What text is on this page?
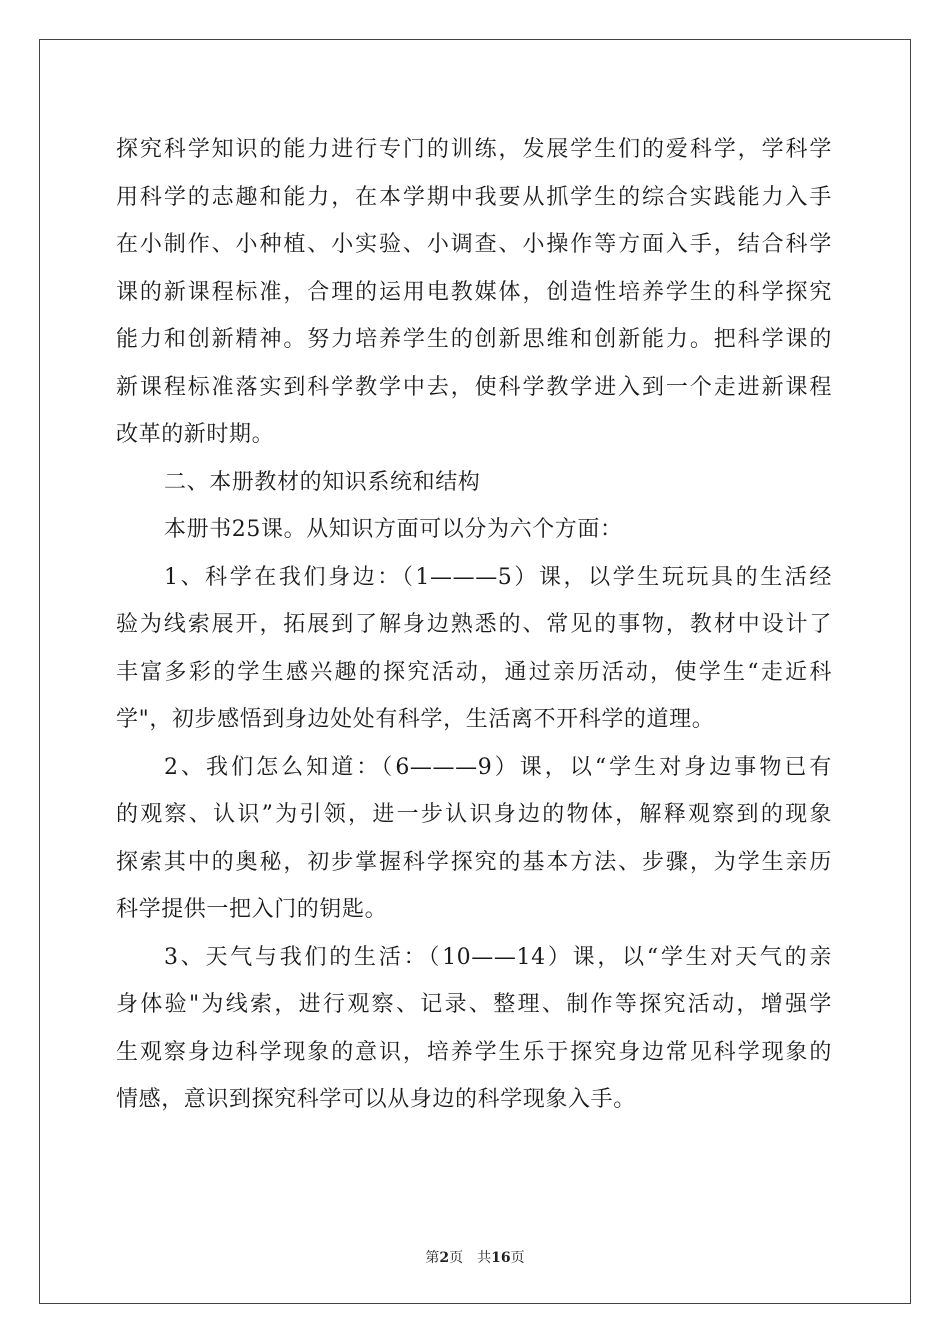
探究科学知识的能力进行专门的训练，发展学生们的爱科学，学科学
用科学的志趣和能力，在本学期中我要从抓学生的综合实践能力入手
在小制作、小种植、小实验、小调查、小操作等方面入手，结合科学
课的新课程标准，合理的运用电教媒体，创造性培养学生的科学探究
能力和创新精神。努力培养学生的创新思维和创新能力。把科学课的
新课程标准落实到科学教学中去，使科学教学进入到一个走进新课程
改革的新时期。
二、本册教材的知识系统和结构
本册书25课。从知识方面可以分为六个方面：
1、科学在我们身边：（1———5）课，以学生玩玩具的生活经
验为线索展开，拓展到了解身边熟悉的、常见的事物，教材中设计了
丰富多彩的学生感兴趣的探究活动，通过亲历活动，使学生“走近科
学"，初步感悟到身边处处有科学，生活离不开科学的道理。
2、我们怎么知道：（6———9）课，以“学生对身边事物已有
的观察、认识”为引领，进一步认识身边的物体，解释观察到的现象
探索其中的奥秘，初步掌握科学探究的基本方法、步骤，为学生亲历
科学提供一把入门的钥匙。
3、天气与我们的生活：（10——14）课，以“学生对天气的亲
身体验"为线索，进行观察、记录、整理、制作等探究活动，增强学
生观察身边科学现象的意识，培养学生乐于探究身边常见科学现象的
情感，意识到探究科学可以从身边的科学现象入手。
第2页 共16页
